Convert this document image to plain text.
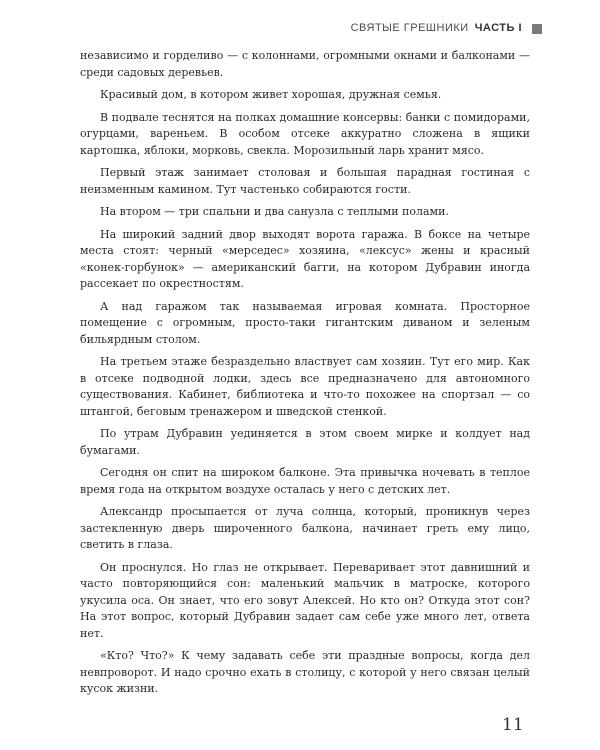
СВЯТЫЕ ГРЕШНИКИ ЧАСТЬ I

независимо и горделиво — с колоннами, огромными окнами и балконами — среди садовых деревьев.

Красивый дом, в котором живет хорошая, дружная семья.

В подвале теснятся на полках домашние консервы: банки с помидорами, огурцами, вареньем. В особом отсеке аккуратно сложена в ящики картошка, яблоки, морковь, свекла. Морозильный ларь хранит мясо.

Первый этаж занимает столовая и большая парадная гостиная с неизменным камином. Тут частенько собираются гости.

На втором — три спальни и два санузла с теплыми полами.

На широкий задний двор выходят ворота гаража. В боксе на четыре места стоят: черный «мерседес» хозяина, «лексус» жены и красный «конек-горбунок» — американский багги, на котором Дубравин иногда рассекает по окрестностям.

А над гаражом так называемая игровая комната. Просторное помещение с огромным, просто-таки гигантским диваном и зеленым бильярдным столом.

На третьем этаже безраздельно властвует сам хозяин. Тут его мир. Как в отсеке подводной лодки, здесь все предназначено для автономного существования. Кабинет, библиотека и что-то похожее на спортзал — со штангой, беговым тренажером и шведской стенкой.

По утрам Дубравин уединяется в этом своем мирке и колдует над бумагами.

Сегодня он спит на широком балконе. Эта привычка ночевать в теплое время года на открытом воздухе осталась у него с детских лет.

Александр просыпается от луча солнца, который, проникнув через застекленную дверь широченного балкона, начинает греть ему лицо, светить в глаза.

Он проснулся. Но глаз не открывает. Переваривает этот давнишний и часто повторяющийся сон: маленький мальчик в матроске, которого укусила оса. Он знает, что его зовут Алексей. Но кто он? Откуда этот сон? На этот вопрос, который Дубравин задает сам себе уже много лет, ответа нет.

«Кто? Что?» К чему задавать себе эти праздные вопросы, когда дел невпроворот. И надо срочно ехать в столицу, с которой у него связан целый кусок жизни.

11
